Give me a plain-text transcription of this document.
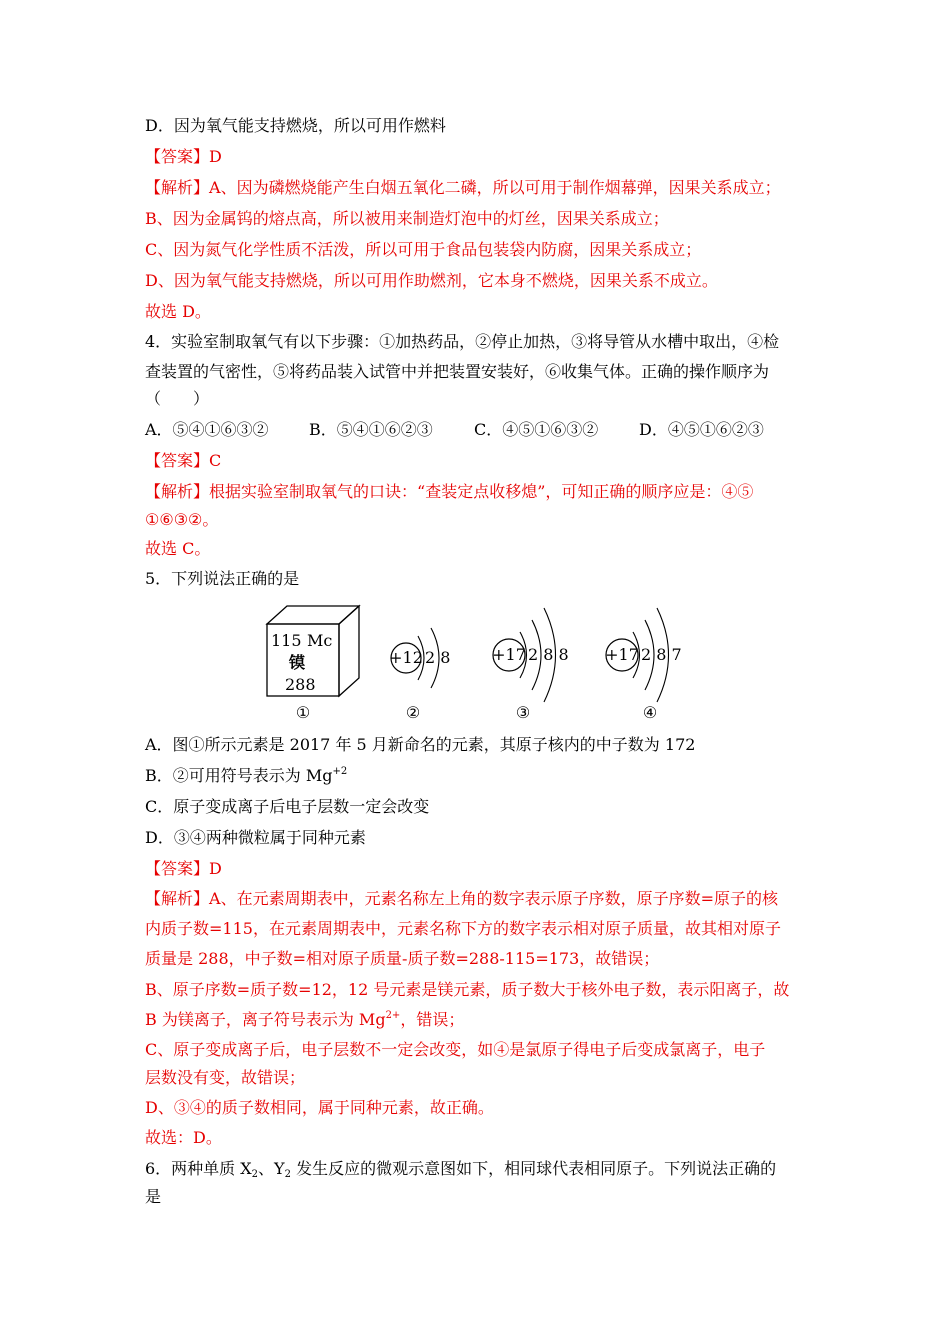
D．因为氧气能支持燃烧，所以可用作燃料
【答案】D
【解析】A、因为磷燃烧能产生白烟五氧化二磷，所以可用于制作烟幕弹，因果关系成立；
B、因为金属钨的熔点高，所以被用来制造灯泡中的灯丝，因果关系成立；
C、因为氮气化学性质不活泼，所以可用于食品包装袋内防腐，因果关系成立；
D、因为氧气能支持燃烧，所以可用作助燃剂，它本身不燃烧，因果关系不成立。
故选 D。
4．实验室制取氧气有以下步骤：①加热药品，②停止加热，③将导管从水槽中取出，④检
查装置的气密性，⑤将药品装入试管中并把装置安装好，⑥收集气体。正确的操作顺序为
（　　）
A．⑤④①⑥③②	B．⑤④①⑥②③	C．④⑤①⑥③②	D．④⑤①⑥②③
【答案】C
【解析】根据实验室制取氧气的口诀：“查装定点收移熄”，可知正确的顺序应是：④⑤
①⑥③②。
故选 C。
5．下列说法正确的是
115 Mc
镆
288
+12 2 8	+17 2 8 8 +17 2 8 7
①	②	③	④
A．图①所示元素是 2017 年 5 月新命名的元素，其原子核内的中子数为 172
B．②可用符号表示为 $Mg^{+2}$
C．原子变成离子后电子层数一定会改变
D．③④两种微粒属于同种元素
【答案】D
【解析】A、在元素周期表中，元素名称左上角的数字表示原子序数，原子序数=原子的核
内质子数=115，在元素周期表中，元素名称下方的数字表示相对原子质量，故其相对原子
质量是 288，中子数=相对原子质量-质子数=288-115=173，故错误；
B、原子序数=质子数=12，12 号元素是镁元素，质子数大于核外电子数，表示阳离子，故
B 为镁离子，离子符号表示为 $Mg^{2+}$，错误；
C、原子变成离子后，电子层数不一定会改变，如④是氯原子得电子后变成氯离子，电子
层数没有变，故错误；
D、③④的质子数相同，属于同种元素，故正确。
故选：D。
6．两种单质 $X_2$、$Y_2$ 发生反应的微观示意图如下，相同球代表相同原子。下列说法正确的
是
